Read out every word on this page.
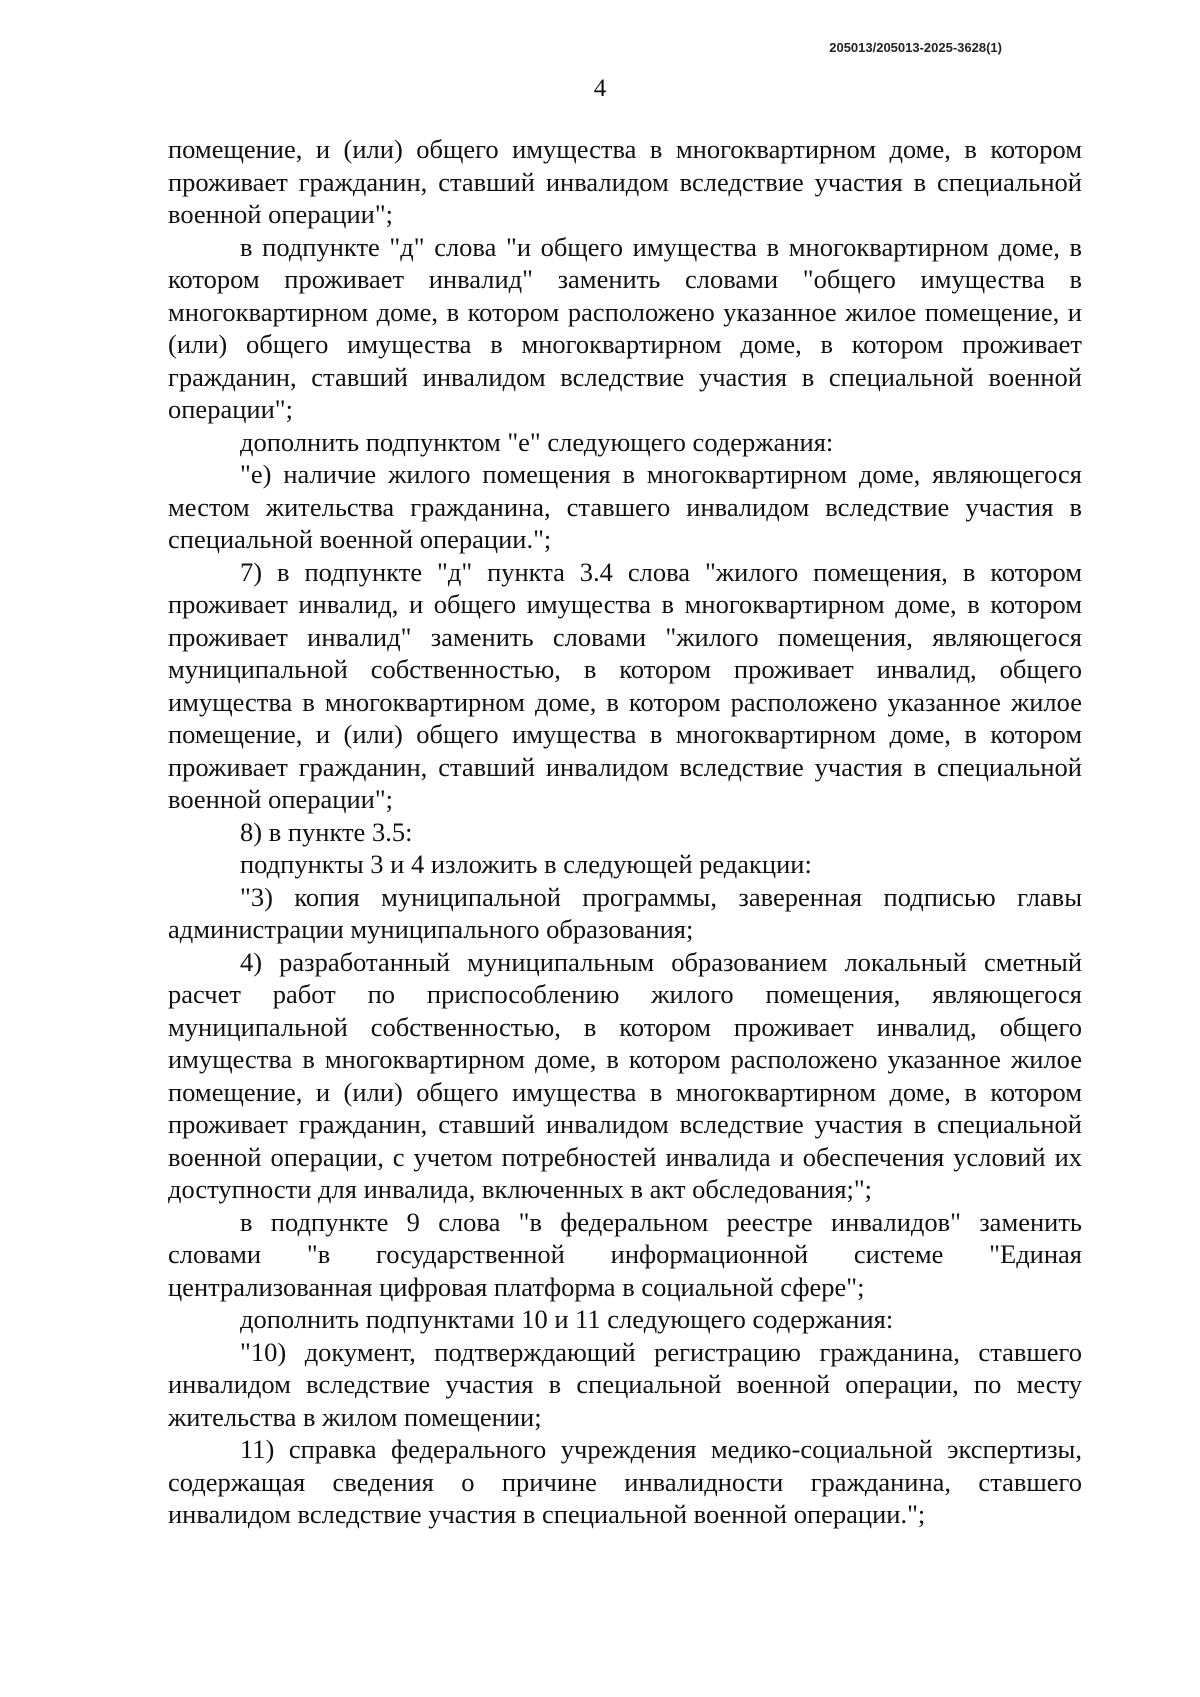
205013/205013-2025-3628(1)
4

помещение, и (или) общего имущества в многоквартирном доме, в котором проживает гражданин, ставший инвалидом вследствие участия в специальной военной операции";

в подпункте "д" слова "и общего имущества в многоквартирном доме, в котором проживает инвалид" заменить словами "общего имущества в многоквартирном доме, в котором расположено указанное жилое помещение, и (или) общего имущества в многоквартирном доме, в котором проживает гражданин, ставший инвалидом вследствие участия в специальной военной операции";

дополнить подпунктом "е" следующего содержания:

"е) наличие жилого помещения в многоквартирном доме, являющегося местом жительства гражданина, ставшего инвалидом вследствие участия в специальной военной операции.";

7) в подпункте "д" пункта 3.4 слова "жилого помещения, в котором проживает инвалид, и общего имущества в многоквартирном доме, в котором проживает инвалид" заменить словами "жилого помещения, являющегося муниципальной собственностью, в котором проживает инвалид, общего имущества в многоквартирном доме, в котором расположено указанное жилое помещение, и (или) общего имущества в многоквартирном доме, в котором проживает гражданин, ставший инвалидом вследствие участия в специальной военной операции";

8) в пункте 3.5:

подпункты 3 и 4 изложить в следующей редакции:

"3) копия муниципальной программы, заверенная подписью главы администрации муниципального образования;

4) разработанный муниципальным образованием локальный сметный расчет работ по приспособлению жилого помещения, являющегося муниципальной собственностью, в котором проживает инвалид, общего имущества в многоквартирном доме, в котором расположено указанное жилое помещение, и (или) общего имущества в многоквартирном доме, в котором проживает гражданин, ставший инвалидом вследствие участия в специальной военной операции, с учетом потребностей инвалида и обеспечения условий их доступности для инвалида, включенных в акт обследования;";

в подпункте 9 слова "в федеральном реестре инвалидов" заменить словами "в государственной информационной системе "Единая централизованная цифровая платформа в социальной сфере";

дополнить подпунктами 10 и 11 следующего содержания:

"10) документ, подтверждающий регистрацию гражданина, ставшего инвалидом вследствие участия в специальной военной операции, по месту жительства в жилом помещении;

11) справка федерального учреждения медико-социальной экспертизы, содержащая сведения о причине инвалидности гражданина, ставшего инвалидом вследствие участия в специальной военной операции.";
